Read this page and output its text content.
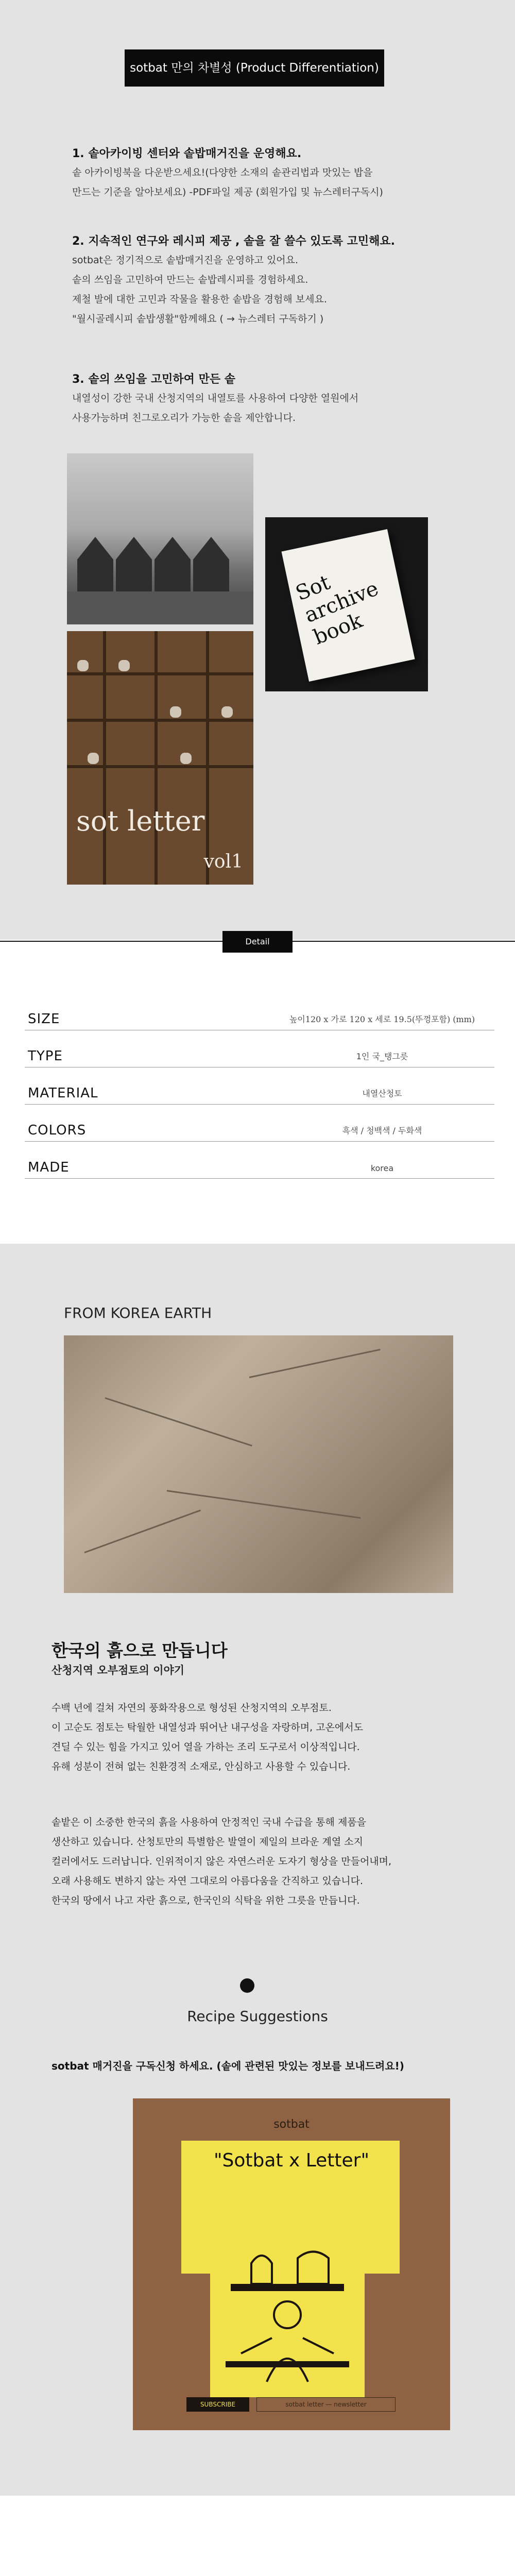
sotbat 만의 차별성 (Product Differentiation)
1. 솥아카이빙 센터와 솥밥매거진을 운영해요.

솥 아카이빙북을 다운받으세요!(다양한 소재의 솥관리법과 맛있는 밥을

만드는 기준을 알아보세요) -PDF파일 제공 (회원가입 및 뉴스레터구독시)

2. 지속적인 연구와 레시피 제공 , 솥을 잘 쓸수 있도록 고민해요.

sotbat은 정기적으로 솥밥매거진을 운영하고 있어요.

솥의 쓰임을 고민하여 만드는 솥밥레시피를 경험하세요.

제철 발에 대한 고민과 작물을 활용한 솥밥을 경험해 보세요.

"월시골레시피 솥밥생활"함께해요 ( → 뉴스레터 구독하기 )

3. 솥의 쓰임을 고민하여 만든 솥

내열성이 강한 국내 산청지역의 내열토를 사용하여 다양한 열원에서

사용가능하며 친그로오리가 가능한 솥을 제안합니다.

sot letter
vol1
Sot archive book
Detail
SIZE	높이120 x 가로 120 x 세로 19.5(뚜껑포함) (mm)
TYPE	1인 국_탱그릇
MATERIAL	내열산청토
COLORS	흑색 / 청백색 / 두화색
MADE	korea
FROM KOREA EARTH
한국의 흙으로 만듭니다
산청지역 오부점토의 이야기
수백 년에 걸쳐 자연의 풍화작용으로 형성된 산청지역의 오부점토.
이 고순도 점토는 탁월한 내열성과 뛰어난 내구성을 자랑하며, 고온에서도
견딜 수 있는 힘을 가지고 있어 열을 가하는 조리 도구로서 이상적입니다.
유해 성분이 전혀 없는 친환경적 소재로, 안심하고 사용할 수 있습니다.
솥밭은 이 소중한 한국의 흙을 사용하여 안정적인 국내 수급을 통해 제품을
생산하고 있습니다. 산청토만의 특별함은 발열이 제일의 브라운 계열 소지
컬러에서도 드러납니다. 인위적이지 않은 자연스러운 도자기 형상을 만들어내며,
오래 사용해도 변하지 않는 자연 그대로의 아름다움을 간직하고 있습니다.
한국의 땅에서 나고 자란 흙으로, 한국인의 식탁을 위한 그릇을 만듭니다.
Recipe Suggestions
sotbat 매거진을 구독신청 하세요. (솥에 관련된 맛있는 정보를 보내드려요!)
sotbat
"Sotbat x Letter"
SUBSCRIBE	sotbat letter — newsletter
